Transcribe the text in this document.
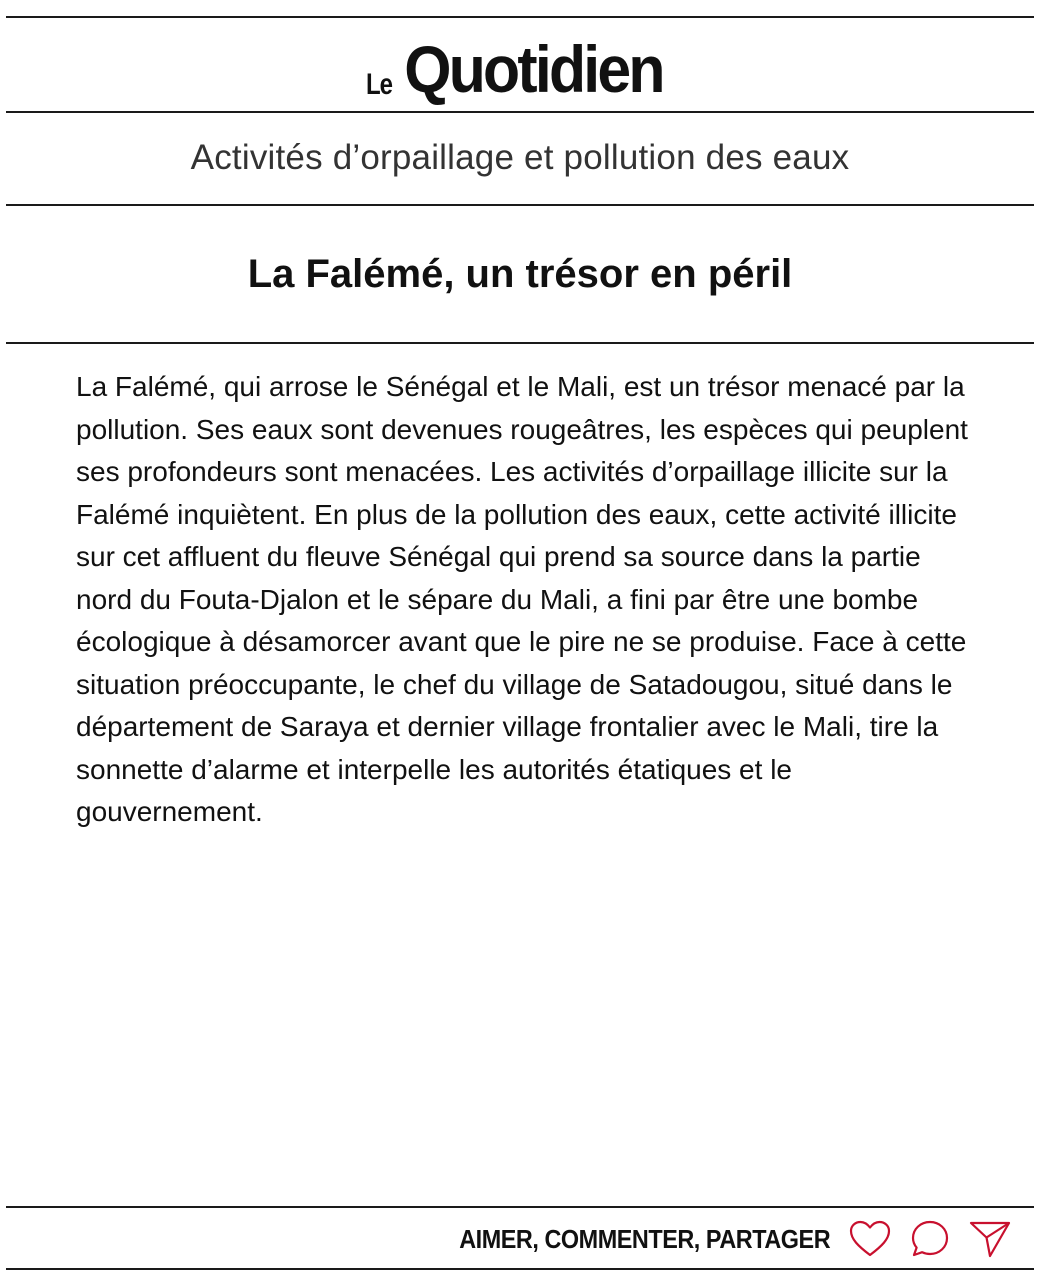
Le Quotidien
Activités d’orpaillage et pollution des eaux
La Falémé, un trésor en péril

La Falémé, qui arrose le Sénégal et le Mali, est un trésor menacé par la pollution. Ses eaux sont devenues rougeâtres, les espèces qui peuplent ses profondeurs sont menacées. Les activités d’orpaillage illicite sur la Falémé inquiètent. En plus de la pollution des eaux, cette activité illicite sur cet affluent du fleuve Sénégal qui prend sa source dans la partie nord du Fouta-Djalon et le sépare du Mali, a fini par être une bombe écologique à désamorcer avant que le pire ne se produise. Face à cette situation préoccupante, le chef du village de Satadougou, situé dans le département de Saraya et dernier village frontalier avec le Mali, tire la sonnette d’alarme et interpelle les autorités étatiques et le gouvernement.

AIMER, COMMENTER, PARTAGER
